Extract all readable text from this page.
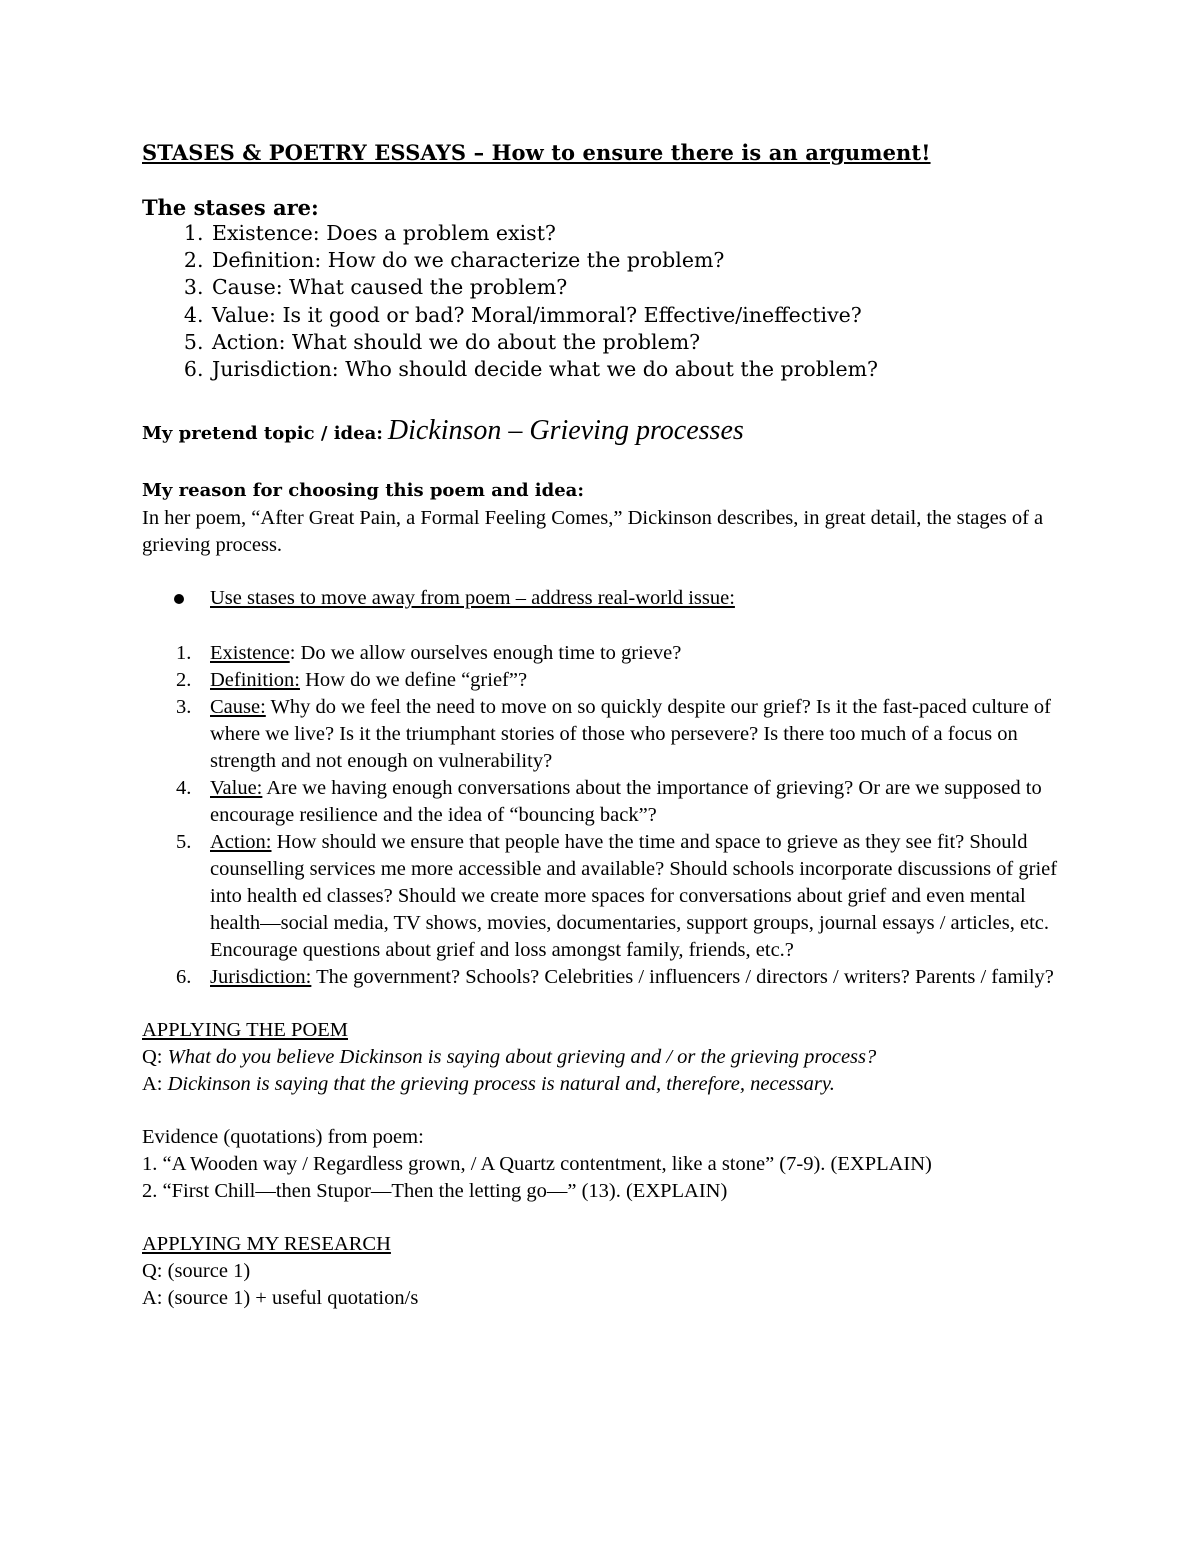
STASES & POETRY ESSAYS – How to ensure there is an argument!

The stases are:

1. Existence: Does a problem exist?
2. Definition: How do we characterize the problem?
3. Cause: What caused the problem?
4. Value: Is it good or bad? Moral/immoral? Effective/ineffective?
5. Action: What should we do about the problem?
6. Jurisdiction: Who should decide what we do about the problem?
My pretend topic / idea: Dickinson – Grieving processes
My reason for choosing this poem and idea:
In her poem, “After Great Pain, a Formal Feeling Comes,” Dickinson describes, in great detail, the stages of a grieving process.
Use stases to move away from poem – address real-world issue:
1. Existence: Do we allow ourselves enough time to grieve?
2. Definition: How do we define “grief”?
3. Cause: Why do we feel the need to move on so quickly despite our grief? Is it the fast-paced culture of where we live? Is it the triumphant stories of those who persevere? Is there too much of a focus on strength and not enough on vulnerability?
4. Value: Are we having enough conversations about the importance of grieving? Or are we supposed to encourage resilience and the idea of “bouncing back”?
5. Action: How should we ensure that people have the time and space to grieve as they see fit? Should counselling services me more accessible and available? Should schools incorporate discussions of grief into health ed classes? Should we create more spaces for conversations about grief and even mental health—social media, TV shows, movies, documentaries, support groups, journal essays / articles, etc. Encourage questions about grief and loss amongst family, friends, etc.?
6. Jurisdiction: The government? Schools? Celebrities / influencers / directors / writers? Parents / family?
APPLYING THE POEM
Q: What do you believe Dickinson is saying about grieving and / or the grieving process?
A: Dickinson is saying that the grieving process is natural and, therefore, necessary.
Evidence (quotations) from poem:
1. “A Wooden way / Regardless grown, / A Quartz contentment, like a stone” (7-9). (EXPLAIN)
2. “First Chill—then Stupor—Then the letting go—” (13). (EXPLAIN)
APPLYING MY RESEARCH
Q: (source 1)
A: (source 1) + useful quotation/s
